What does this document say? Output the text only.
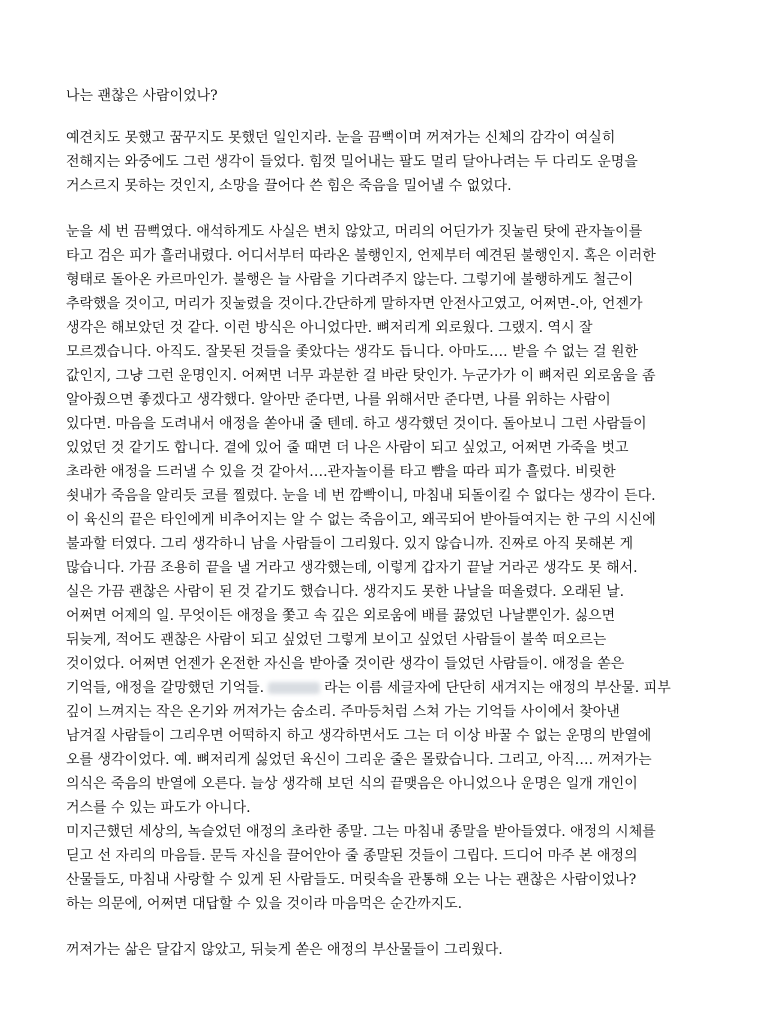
나는 괜찮은 사람이었나?
예견치도 못했고 꿈꾸지도 못했던 일인지라. 눈을 끔뻑이며 꺼져가는 신체의 감각이 여실히
전해지는 와중에도 그런 생각이 들었다. 힘껏 밀어내는 팔도 멀리 달아나려는 두 다리도 운명을
거스르지 못하는 것인지, 소망을 끌어다 쓴 힘은 죽음을 밀어낼 수 없었다.
눈을 세 번 끔뻑였다. 애석하게도 사실은 변치 않았고, 머리의 어딘가가 짓눌린 탓에 관자놀이를
타고 검은 피가 흘러내렸다. 어디서부터 따라온 불행인지, 언제부터 예견된 불행인지. 혹은 이러한
형태로 돌아온 카르마인가. 불행은 늘 사람을 기다려주지 않는다. 그렇기에 불행하게도 철근이
추락했을 것이고, 머리가 짓눌렸을 것이다.간단하게 말하자면 안전사고였고, 어쩌면-.아, 언젠가
생각은 해보았던 것 같다. 이런 방식은 아니었다만. 뼈저리게 외로웠다. 그랬지. 역시 잘
모르겠습니다. 아직도. 잘못된 것들을 좇았다는 생각도 듭니다. 아마도…. 받을 수 없는 걸 원한
값인지, 그냥 그런 운명인지. 어쩌면 너무 과분한 걸 바란 탓인가. 누군가가 이 뼈저린 외로움을 좀
알아줬으면 좋겠다고 생각했다. 알아만 준다면, 나를 위해서만 준다면, 나를 위하는 사람이
있다면. 마음을 도려내서 애정을 쏟아내 줄 텐데. 하고 생각했던 것이다. 돌아보니 그런 사람들이
있었던 것 같기도 합니다. 곁에 있어 줄 때면 더 나은 사람이 되고 싶었고, 어쩌면 가죽을 벗고
초라한 애정을 드러낼 수 있을 것 같아서….관자놀이를 타고 뺨을 따라 피가 흘렀다. 비릿한
쇳내가 죽음을 알리듯 코를 찔렀다. 눈을 네 번 깜빡이니, 마침내 되돌이킬 수 없다는 생각이 든다.
이 육신의 끝은 타인에게 비추어지는 알 수 없는 죽음이고, 왜곡되어 받아들여지는 한 구의 시신에
불과할 터였다. 그리 생각하니 남을 사람들이 그리웠다. 있지 않습니까. 진짜로 아직 못해본 게
많습니다. 가끔 조용히 끝을 낼 거라고 생각했는데, 이렇게 갑자기 끝날 거라곤 생각도 못 해서.
실은 가끔 괜찮은 사람이 된 것 같기도 했습니다. 생각지도 못한 나날을 떠올렸다. 오래된 날.
어쩌면 어제의 일. 무엇이든 애정을 쫓고 속 깊은 외로움에 배를 끓었던 나날뿐인가. 싫으면
뒤늦게, 적어도 괜찮은 사람이 되고 싶었던 그렇게 보이고 싶었던 사람들이 불쑥 떠오르는
것이었다. 어쩌면 언젠가 온전한 자신을 받아줄 것이란 생각이 들었던 사람들이. 애정을 쏟은
기억들, 애정을 갈망했던 기억들.	라는 이름 세글자에 단단히 새겨지는 애정의 부산물. 피부
깊이 느껴지는 작은 온기와 꺼져가는 숨소리. 주마등처럼 스쳐 가는 기억들 사이에서 찾아낸
남겨질 사람들이 그리우면 어떡하지 하고 생각하면서도 그는 더 이상 바꿀 수 없는 운명의 반열에
오를 생각이었다. 예. 뼈저리게 싫었던 육신이 그리운 줄은 몰랐습니다. 그리고, 아직…. 꺼져가는
의식은 죽음의 반열에 오른다. 늘상 생각해 보던 식의 끝맺음은 아니었으나 운명은 일개 개인이
거스를 수 있는 파도가 아니다.
미지근했던 세상의, 녹슬었던 애정의 초라한 종말. 그는 마침내 종말을 받아들였다. 애정의 시체를
딛고 선 자리의 마음들. 문득 자신을 끌어안아 줄 종말된 것들이 그립다. 드디어 마주 본 애정의
산물들도, 마침내 사랑할 수 있게 된 사람들도. 머릿속을 관통해 오는 나는 괜찮은 사람이었나?
하는 의문에, 어쩌면 대답할 수 있을 것이라 마음먹은 순간까지도.
꺼져가는 삶은 달갑지 않았고, 뒤늦게 쏟은 애정의 부산물들이 그리웠다.
